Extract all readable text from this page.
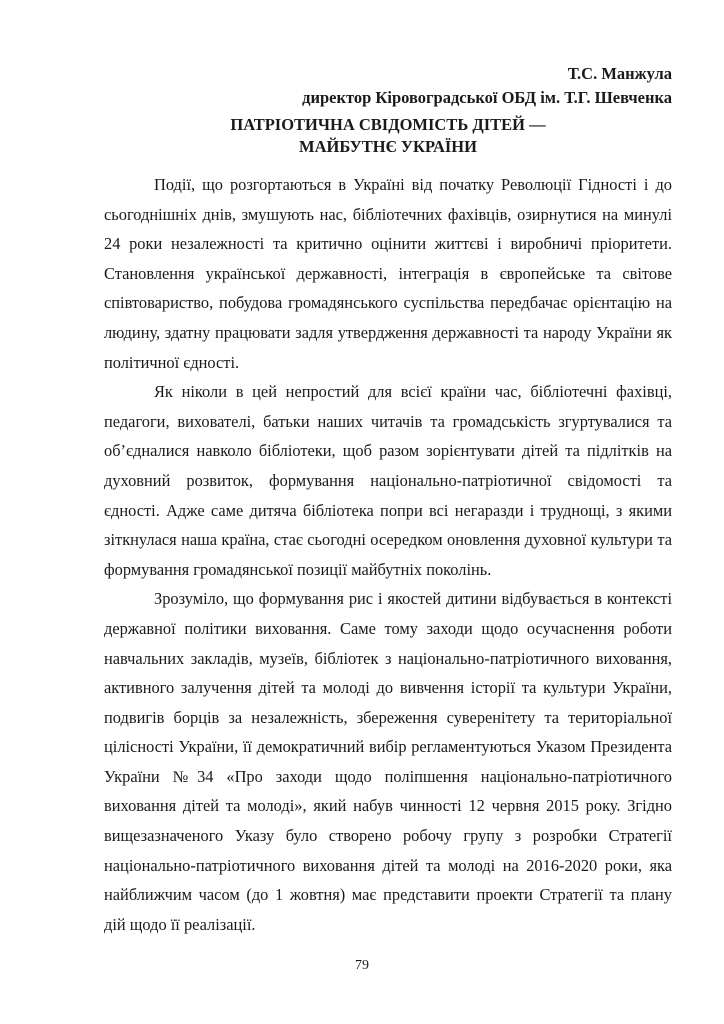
Т.С. Манжула
директор Кіровоградської ОБД ім. Т.Г. Шевченка
ПАТРІОТИЧНА СВІДОМІСТЬ ДІТЕЙ —
МАЙБУТНЄ УКРАЇНИ

Події, що розгортаються в Україні від початку Революції Гідності і до сьогоднішніх днів, змушують нас, бібліотечних фахівців, озирнутися на минулі 24 роки незалежності та критично оцінити життєві і виробничі пріоритети. Становлення української державності, інтеграція в європейське та світове співтовариство, побудова громадянського суспільства передбачає орієнтацію на людину, здатну працювати задля утвердження державності та народу України як політичної єдності.

Як ніколи в цей непростий для всієї країни час, бібліотечні фахівці, педагоги, вихователі, батьки наших читачів та громадськість згуртувалися та об’єдналися навколо бібліотеки, щоб разом зорієнтувати дітей та підлітків на духовний розвиток, формування національно-патріотичної свідомості та єдності. Адже саме дитяча бібліотека попри всі негаразди і труднощі, з якими зіткнулася наша країна, стає сьогодні осередком оновлення духовної культури та формування громадянської позиції майбутніх поколінь.

Зрозуміло, що формування рис і якостей дитини відбувається в контексті державної політики виховання. Саме тому заходи щодо осучаснення роботи навчальних закладів, музеїв, бібліотек з національно-патріотичного виховання, активного залучення дітей та молоді до вивчення історії та культури України, подвигів борців за незалежність, збереження суверенітету та територіальної цілісності України, її демократичний вибір регламентуються Указом Президента України №34 «Про заходи щодо поліпшення національно-патріотичного виховання дітей та молоді», який набув чинності 12 червня 2015 року. Згідно вищезазначеного Указу було створено робочу групу з розробки Стратегії національно-патріотичного виховання дітей та молоді на 2016-2020 роки, яка найближчим часом (до 1 жовтня) має представити проекти Стратегії та плану дій щодо її реалізації.

79
